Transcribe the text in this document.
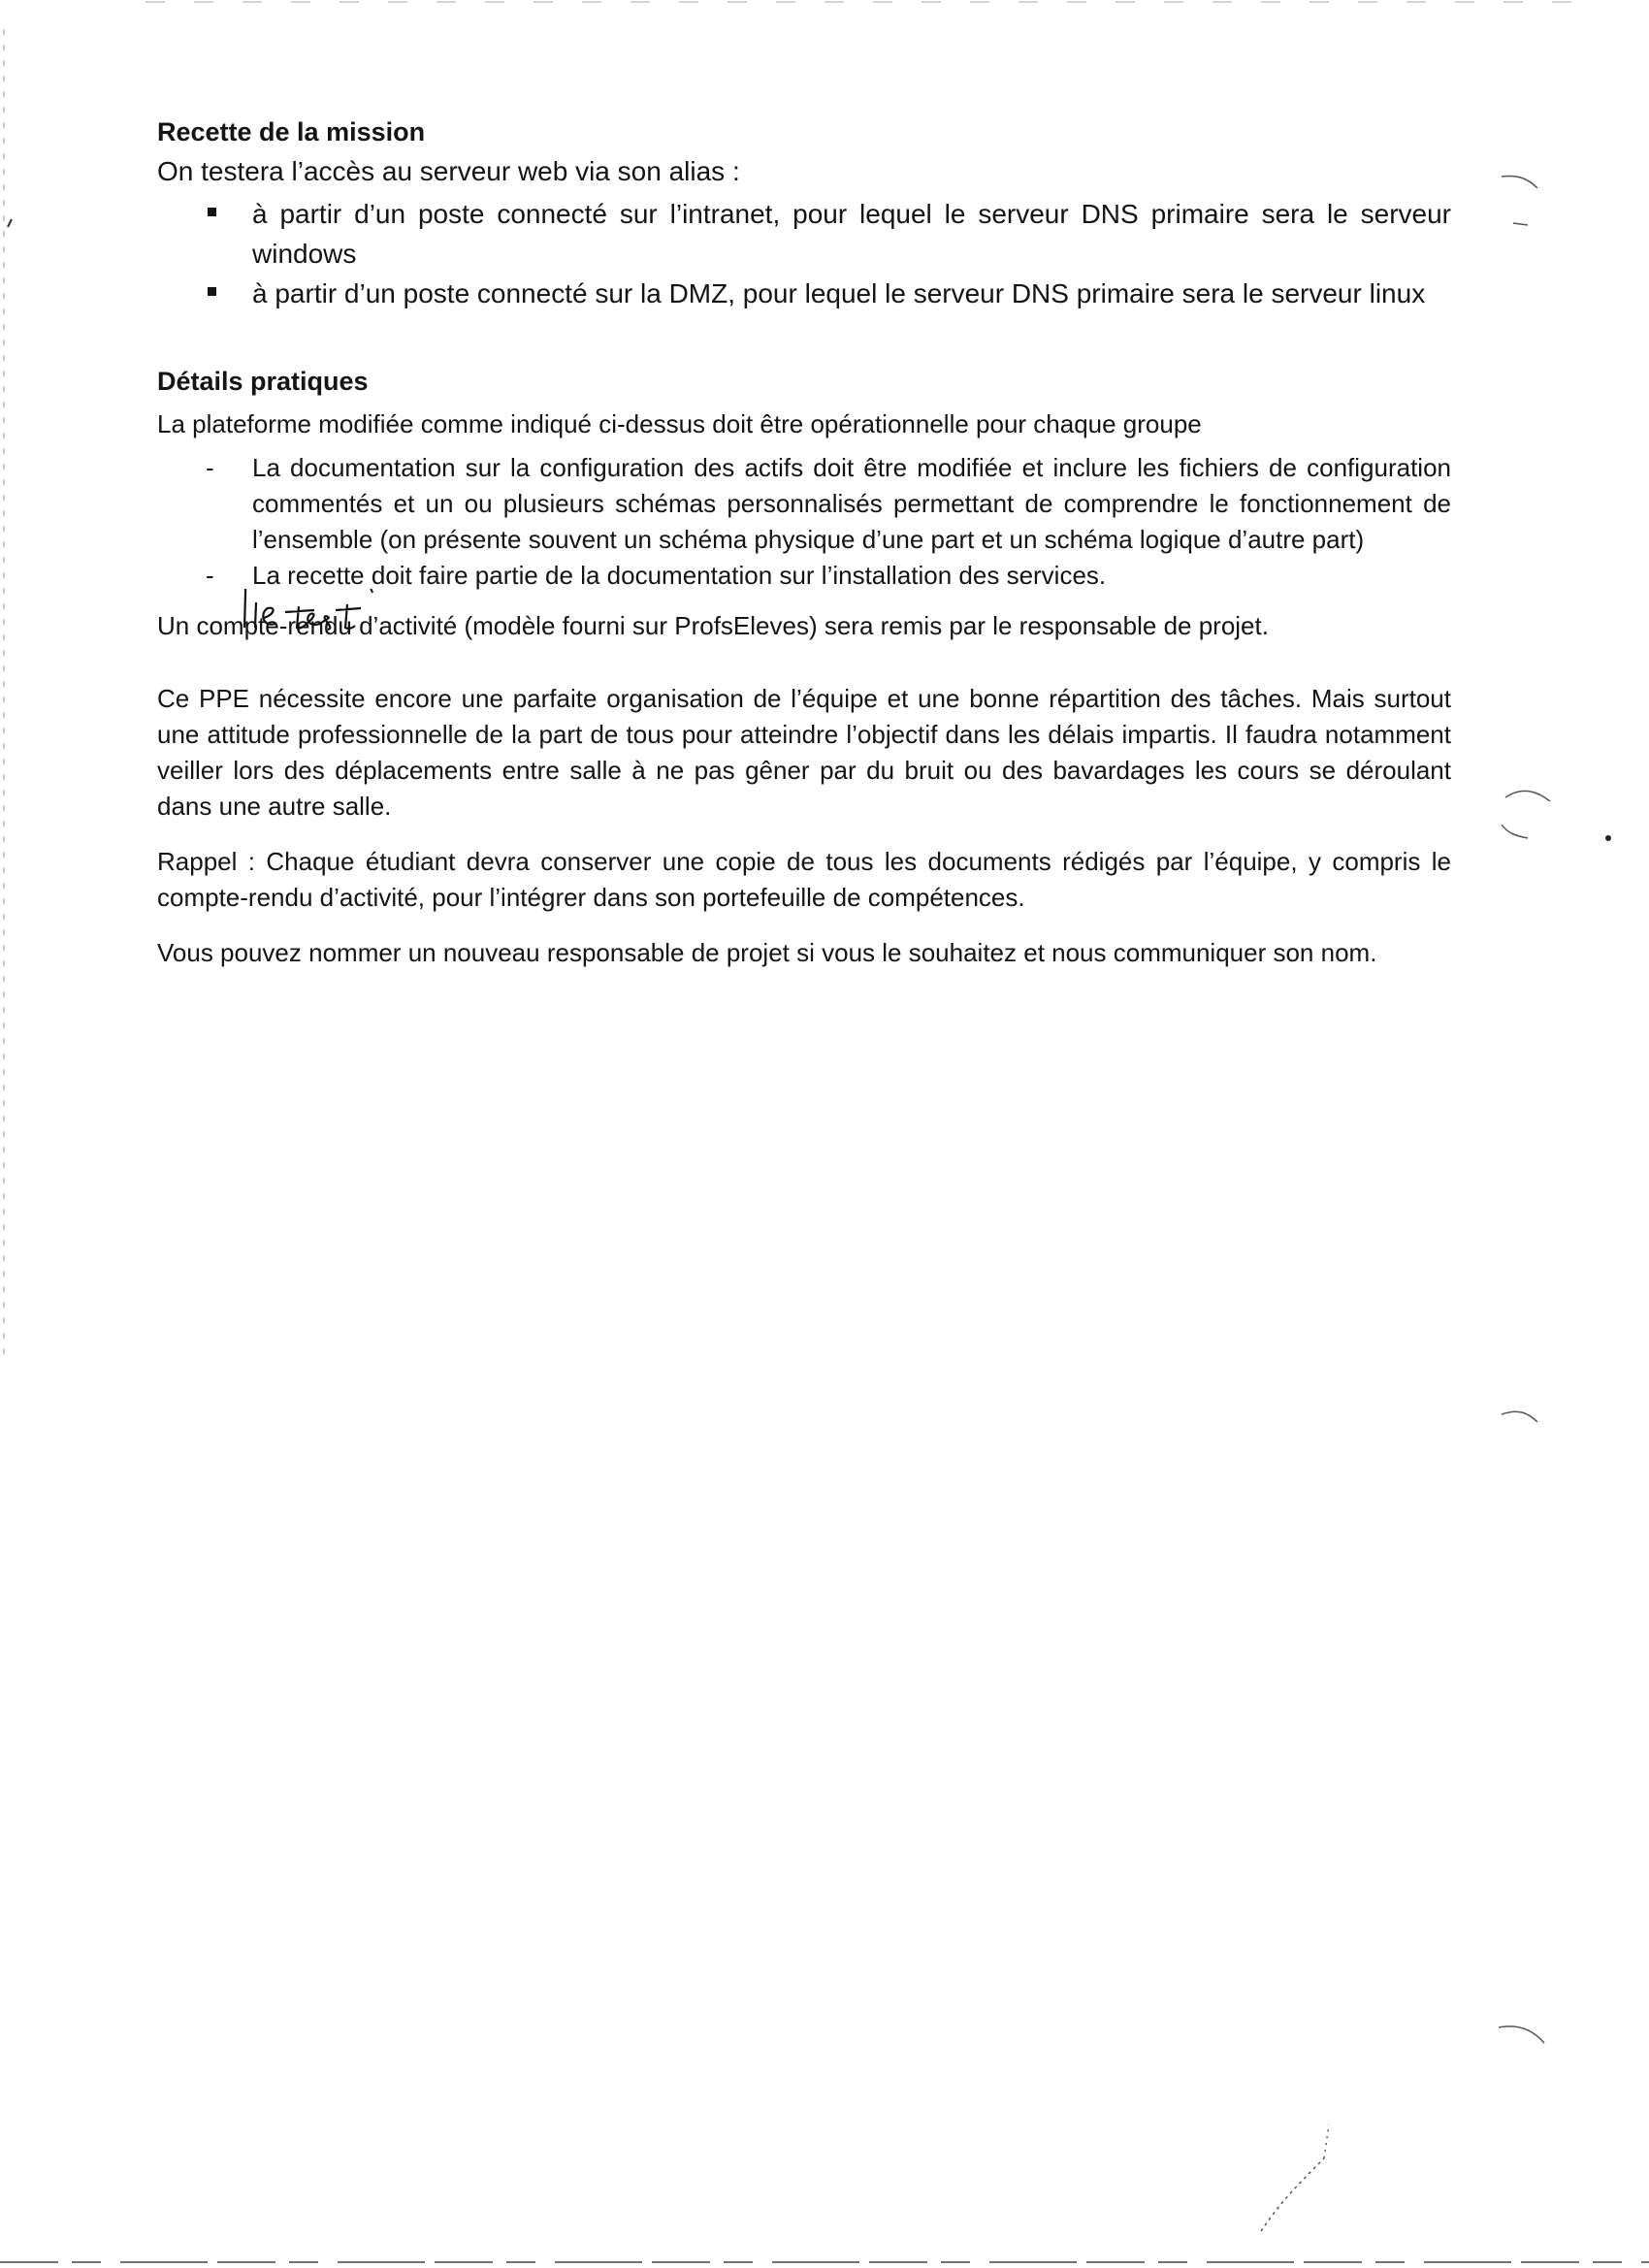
Recette de la mission

On testera l’accès au serveur web via son alias :

à partir d’un poste connecté sur l’intranet, pour lequel le serveur DNS primaire sera le serveur windows
à partir d’un poste connecté sur la DMZ, pour lequel le serveur DNS primaire sera le serveur linux
Détails pratiques

La plateforme modifiée comme indiqué ci-dessus doit être opérationnelle pour chaque groupe

- La documentation sur la configuration des actifs doit être modifiée et inclure les fichiers de configuration commentés et un ou plusieurs schémas personnalisés permettant de comprendre le fonctionnement de l’ensemble (on présente souvent un schéma physique d’une part et un schéma logique d’autre part)
- La recette doit faire partie de la documentation sur l’installation des services.

Un compte-rendu d’activité (modèle fourni sur ProfsEleves) sera remis par le responsable de projet.

Ce PPE nécessite encore une parfaite organisation de l’équipe et une bonne répartition des tâches. Mais surtout une attitude professionnelle de la part de tous pour atteindre l’objectif dans les délais impartis. Il faudra notamment veiller lors des déplacements entre salle à ne pas gêner par du bruit ou des bavardages les cours se déroulant dans une autre salle.

Rappel : Chaque étudiant devra conserver une copie de tous les documents rédigés par l’équipe, y compris le compte-rendu d’activité, pour l’intégrer dans son portefeuille de compétences.

Vous pouvez nommer un nouveau responsable de projet si vous le souhaitez et nous communiquer son nom.
